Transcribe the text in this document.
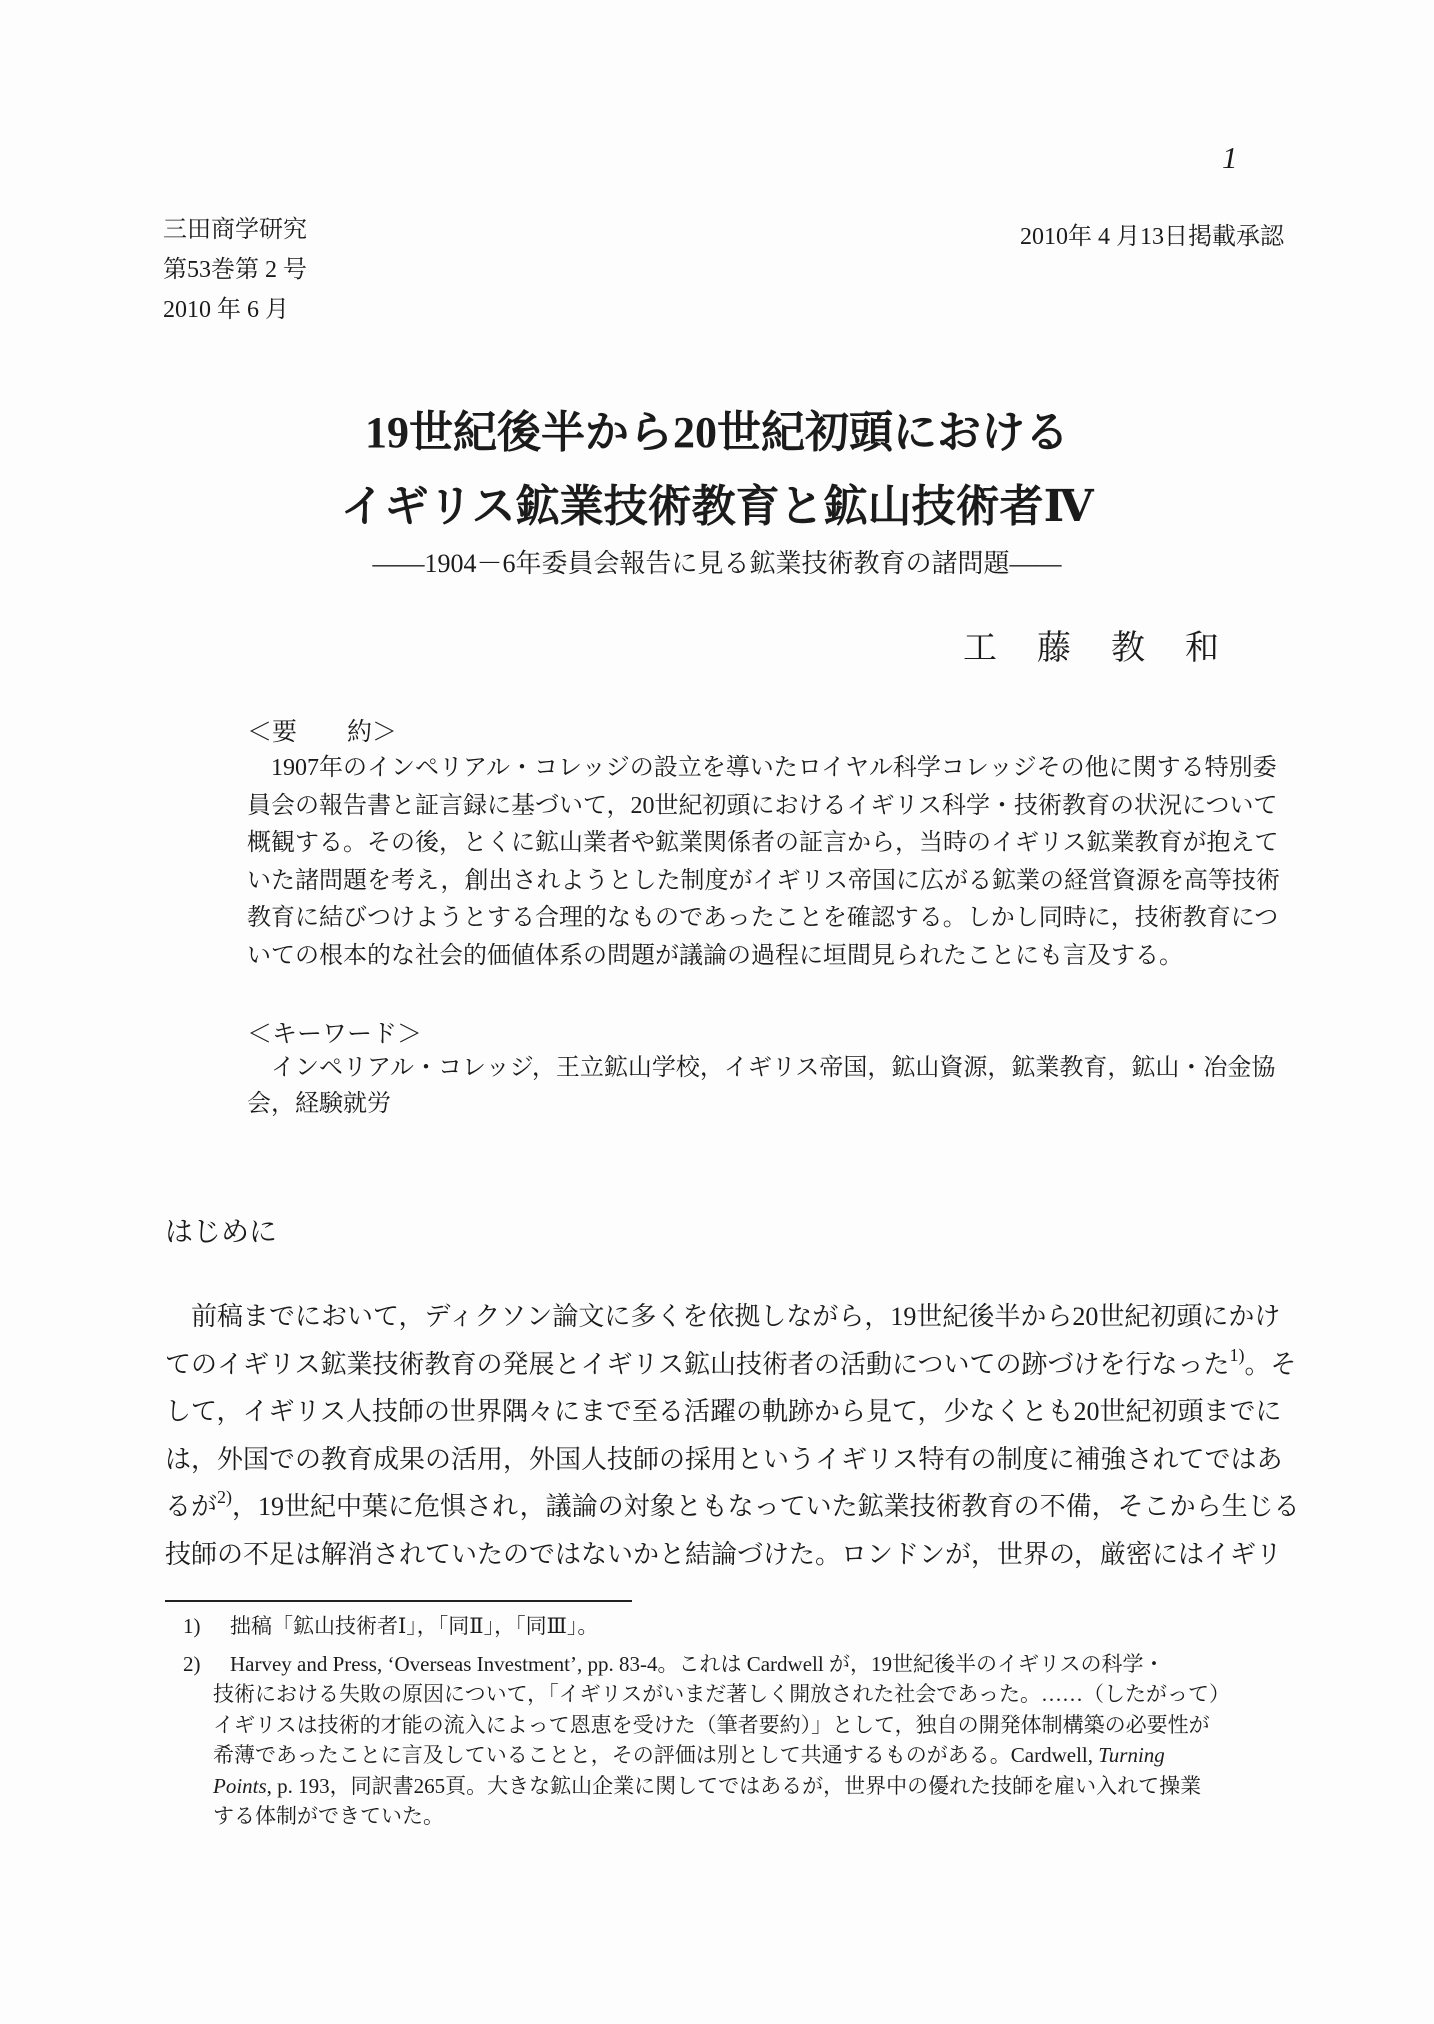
1
三田商学研究
第53巻第 2 号
2010 年 6 月
2010年 4 月13日掲載承認
19世紀後半から20世紀初頭における
イギリス鉱業技術教育と鉱山技術者Ⅳ
——1904－6年委員会報告に見る鉱業技術教育の諸問題——
工　藤　教　和
＜要　　約＞
　1907年のインペリアル・コレッジの設立を導いたロイヤル科学コレッジその他に関する特別委
員会の報告書と証言録に基づいて，20世紀初頭におけるイギリス科学・技術教育の状況について
概観する。その後，とくに鉱山業者や鉱業関係者の証言から，当時のイギリス鉱業教育が抱えて
いた諸問題を考え，創出されようとした制度がイギリス帝国に広がる鉱業の経営資源を高等技術
教育に結びつけようとする合理的なものであったことを確認する。しかし同時に，技術教育につ
いての根本的な社会的価値体系の問題が議論の過程に垣間見られたことにも言及する。
＜キーワード＞
　インペリアル・コレッジ，王立鉱山学校，イギリス帝国，鉱山資源，鉱業教育，鉱山・冶金協
会，経験就労
はじめに
　前稿までにおいて，ディクソン論文に多くを依拠しながら，19世紀後半から20世紀初頭にかけ
てのイギリス鉱業技術教育の発展とイギリス鉱山技術者の活動についての跡づけを行なった$^{1)}$。そ
して，イギリス人技師の世界隅々にまで至る活躍の軌跡から見て，少なくとも20世紀初頭までに
は，外国での教育成果の活用，外国人技師の採用というイギリス特有の制度に補強されてではあ
るが$^{2)}$，19世紀中葉に危惧され，議論の対象ともなっていた鉱業技術教育の不備，そこから生じる
技師の不足は解消されていたのではないかと結論づけた。ロンドンが，世界の，厳密にはイギリ
1)	拙稿「鉱山技術者Ⅰ」，「同Ⅱ」，「同Ⅲ」。
2)	Harvey and Press, ‘Overseas Investment’, pp. 83-4。これは Cardwell が，19世紀後半のイギリスの科学・
技術における失敗の原因について，「イギリスがいまだ著しく開放された社会であった。……（したがって）
イギリスは技術的才能の流入によって恩恵を受けた（筆者要約）」として，独自の開発体制構築の必要性が
希薄であったことに言及していることと，その評価は別として共通するものがある。Cardwell, Turning
Points, p. 193，同訳書265頁。大きな鉱山企業に関してではあるが，世界中の優れた技師を雇い入れて操業
する体制ができていた。
